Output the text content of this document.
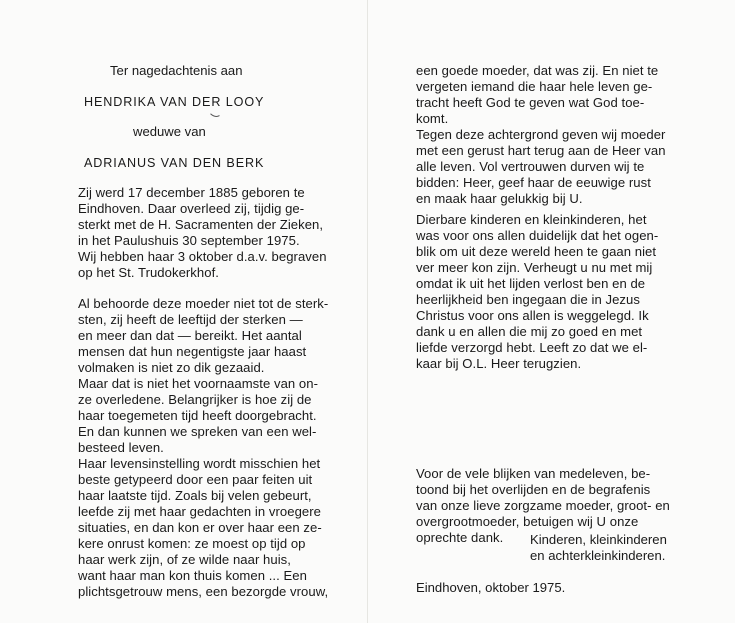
Ter nagedachtenis aan
HENDRIKA VAN DER LOOY
weduwe van
ADRIANUS VAN DEN BERK
Zij werd 17 december 1885 geboren te
Eindhoven. Daar overleed zij, tijdig ge-
sterkt met de H. Sacramenten der Zieken,
in het Paulushuis 30 september 1975.
Wij hebben haar 3 oktober d.a.v. begraven
op het St. Trudokerkhof.
Al behoorde deze moeder niet tot de sterk-
sten, zij heeft de leeftijd der sterken —
en meer dan dat — bereikt. Het aantal
mensen dat hun negentigste jaar haast
volmaken is niet zo dik gezaaid.
Maar dat is niet het voornaamste van on-
ze overledene. Belangrijker is hoe zij de
haar toegemeten tijd heeft doorgebracht.
En dan kunnen we spreken van een wel-
besteed leven.
Haar levensinstelling wordt misschien het
beste getypeerd door een paar feiten uit
haar laatste tijd. Zoals bij velen gebeurt,
leefde zij met haar gedachten in vroegere
situaties, en dan kon er over haar een ze-
kere onrust komen: ze moest op tijd op
haar werk zijn, of ze wilde naar huis,
want haar man kon thuis komen ... Een
plichtsgetrouw mens, een bezorgde vrouw,
een goede moeder, dat was zij. En niet te
vergeten iemand die haar hele leven ge-
tracht heeft God te geven wat God toe-
komt.
Tegen deze achtergrond geven wij moeder
met een gerust hart terug aan de Heer van
alle leven. Vol vertrouwen durven wij te
bidden: Heer, geef haar de eeuwige rust
en maak haar gelukkig bij U.
Dierbare kinderen en kleinkinderen, het
was voor ons allen duidelijk dat het ogen-
blik om uit deze wereld heen te gaan niet
ver meer kon zijn. Verheugt u nu met mij
omdat ik uit het lijden verlost ben en de
heerlijkheid ben ingegaan die in Jezus
Christus voor ons allen is weggelegd. Ik
dank u en allen die mij zo goed en met
liefde verzorgd hebt. Leeft zo dat we el-
kaar bij O.L. Heer terugzien.
Voor de vele blijken van medeleven, be-
toond bij het overlijden en de begrafenis
van onze lieve zorgzame moeder, groot- en
overgrootmoeder, betuigen wij U onze
oprechte dank. Kinderen, kleinkinderen
en achterkleinkinderen.
Eindhoven, oktober 1975.
